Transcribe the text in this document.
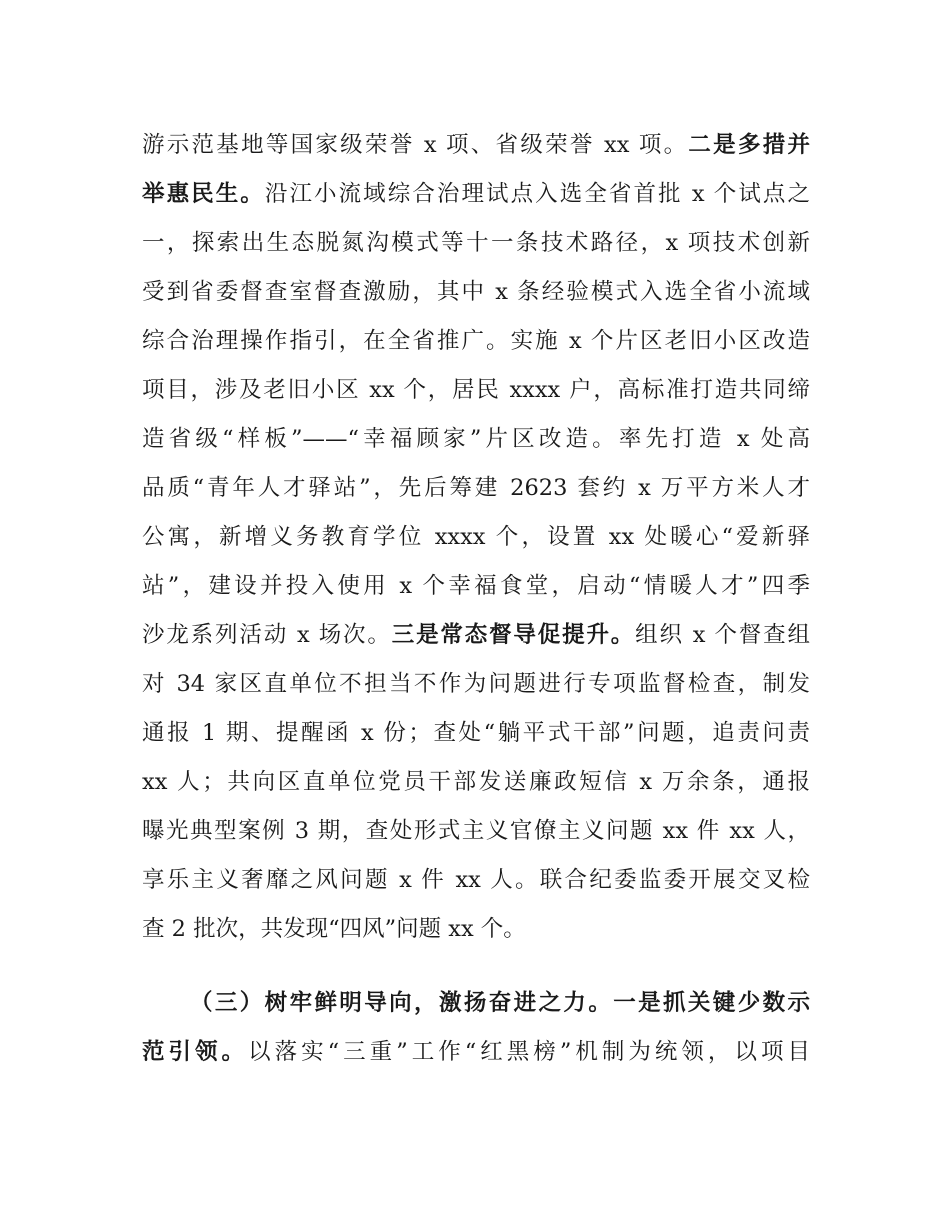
游示范基地等国家级荣誉 x 项、省级荣誉 xx 项。二是多措并
举惠民生。沿江小流域综合治理试点入选全省首批 x 个试点之
一，探索出生态脱氮沟模式等十一条技术路径，x 项技术创新
受到省委督查室督查激励，其中 x 条经验模式入选全省小流域
综合治理操作指引，在全省推广。实施 x 个片区老旧小区改造
项目，涉及老旧小区 xx 个，居民 xxxx 户，高标准打造共同缔
造省级“样板”——“幸福顾家”片区改造。率先打造 x 处高
品质“青年人才驿站”，先后筹建 2623 套约 x 万平方米人才
公寓，新增义务教育学位 xxxx 个，设置 xx 处暖心“爱新驿
站”，建设并投入使用 x 个幸福食堂，启动“情暖人才”四季
沙龙系列活动 x 场次。三是常态督导促提升。组织 x 个督查组
对 34 家区直单位不担当不作为问题进行专项监督检查，制发
通报 1 期、提醒函 x 份；查处“躺平式干部”问题，追责问责
xx 人；共向区直单位党员干部发送廉政短信 x 万余条，通报
曝光典型案例 3 期，查处形式主义官僚主义问题 xx 件 xx 人，
享乐主义奢靡之风问题 x 件 xx 人。联合纪委监委开展交叉检
查 2 批次，共发现“四风”问题 xx 个。
（三）树牢鲜明导向，激扬奋进之力。一是抓关键少数示
范引领。以落实“三重”工作“红黑榜”机制为统领，以项目
